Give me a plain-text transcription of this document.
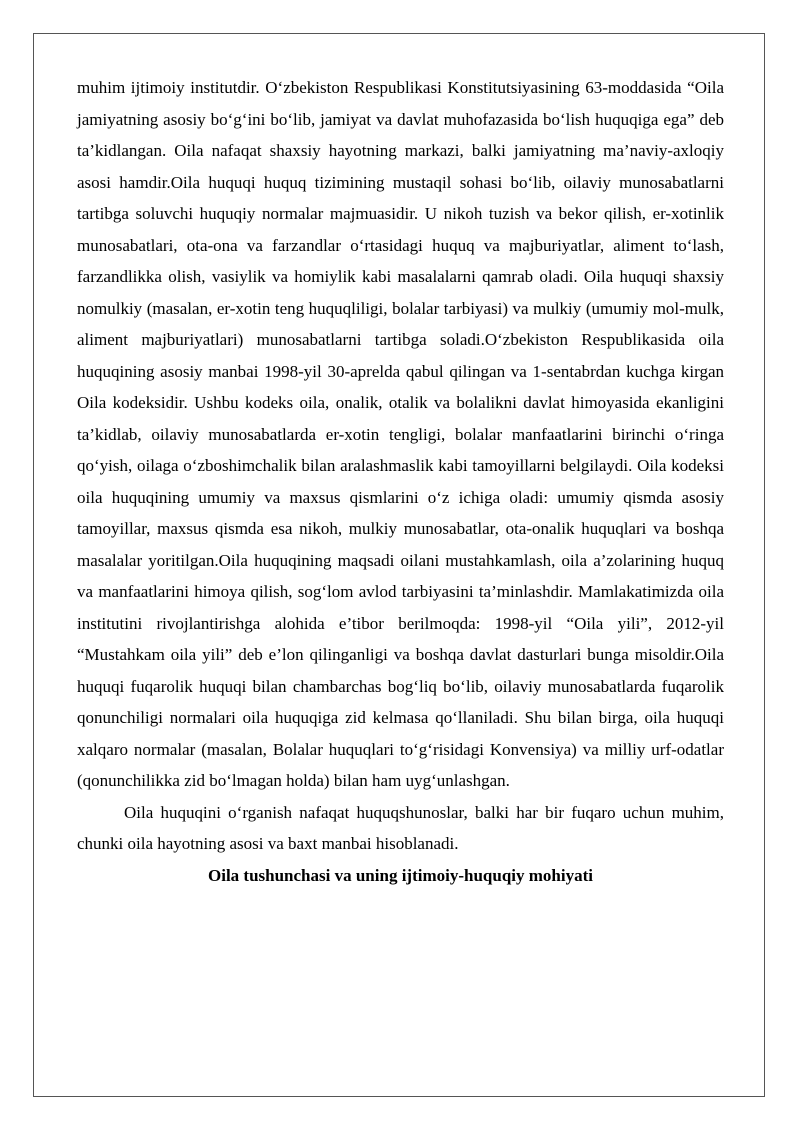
muhim ijtimoiy institutdir. O‘zbekiston Respublikasi Konstitutsiyasining 63-moddasida “Oila jamiyatning asosiy bo‘g‘ini bo‘lib, jamiyat va davlat muhofazasida bo‘lish huquqiga ega” deb ta’kidlangan. Oila nafaqat shaxsiy hayotning markazi, balki jamiyatning ma’naviy-axloqiy asosi hamdir.Oila huquqi huquq tizimining mustaqil sohasi bo‘lib, oilaviy munosabatlarni tartibga soluvchi huquqiy normalar majmuasidir. U nikoh tuzish va bekor qilish, er-xotinlik munosabatlari, ota-ona va farzandlar o‘rtasidagi huquq va majburiyatlar, aliment to‘lash, farzandlikka olish, vasiylik va homiylik kabi masalalarni qamrab oladi. Oila huquqi shaxsiy nomulkiy (masalan, er-xotin teng huquqliligi, bolalar tarbiyasi) va mulkiy (umumiy mol-mulk, aliment majburiyatlari) munosabatlarni tartibga soladi.O‘zbekiston Respublikasida oila huquqining asosiy manbai 1998-yil 30-aprelda qabul qilingan va 1-sentabrdan kuchga kirgan Oila kodeksidir. Ushbu kodeks oila, onalik, otalik va bolalikni davlat himoyasida ekanligini ta’kidlab, oilaviy munosabatlarda er-xotin tengligi, bolalar manfaatlarini birinchi o‘ringa qo‘yish, oilaga o‘zboshimchalik bilan aralashmaslik kabi tamoyillarni belgilaydi. Oila kodeksi oila huquqining umumiy va maxsus qismlarini o‘z ichiga oladi: umumiy qismda asosiy tamoyillar, maxsus qismda esa nikoh, mulkiy munosabatlar, ota-onalik huquqlari va boshqa masalalar yoritilgan.Oila huquqining maqsadi oilani mustahkamlash, oila a’zolarining huquq va manfaatlarini himoya qilish, sog‘lom avlod tarbiyasini ta’minlashdir. Mamlakatimizda oila institutini rivojlantirishga alohida e’tibor berilmoqda: 1998-yil “Oila yili”, 2012-yil “Mustahkam oila yili” deb e’lon qilinganligi va boshqa davlat dasturlari bunga misoldir.Oila huquqi fuqarolik huquqi bilan chambarchas bog‘liq bo‘lib, oilaviy munosabatlarda fuqarolik qonunchiligi normalari oila huquqiga zid kelmasa qo‘llaniladi. Shu bilan birga, oila huquqi xalqaro normalar (masalan, Bolalar huquqlari to‘g‘risidagi Konvensiya) va milliy urf-odatlar (qonunchilikka zid bo‘lmagan holda) bilan ham uyg‘unlashgan.

Oila huquqini o‘rganish nafaqat huquqshunoslar, balki har bir fuqaro uchun muhim, chunki oila hayotning asosi va baxt manbai hisoblanadi.

Oila tushunchasi va uning ijtimoiy-huquqiy mohiyati
